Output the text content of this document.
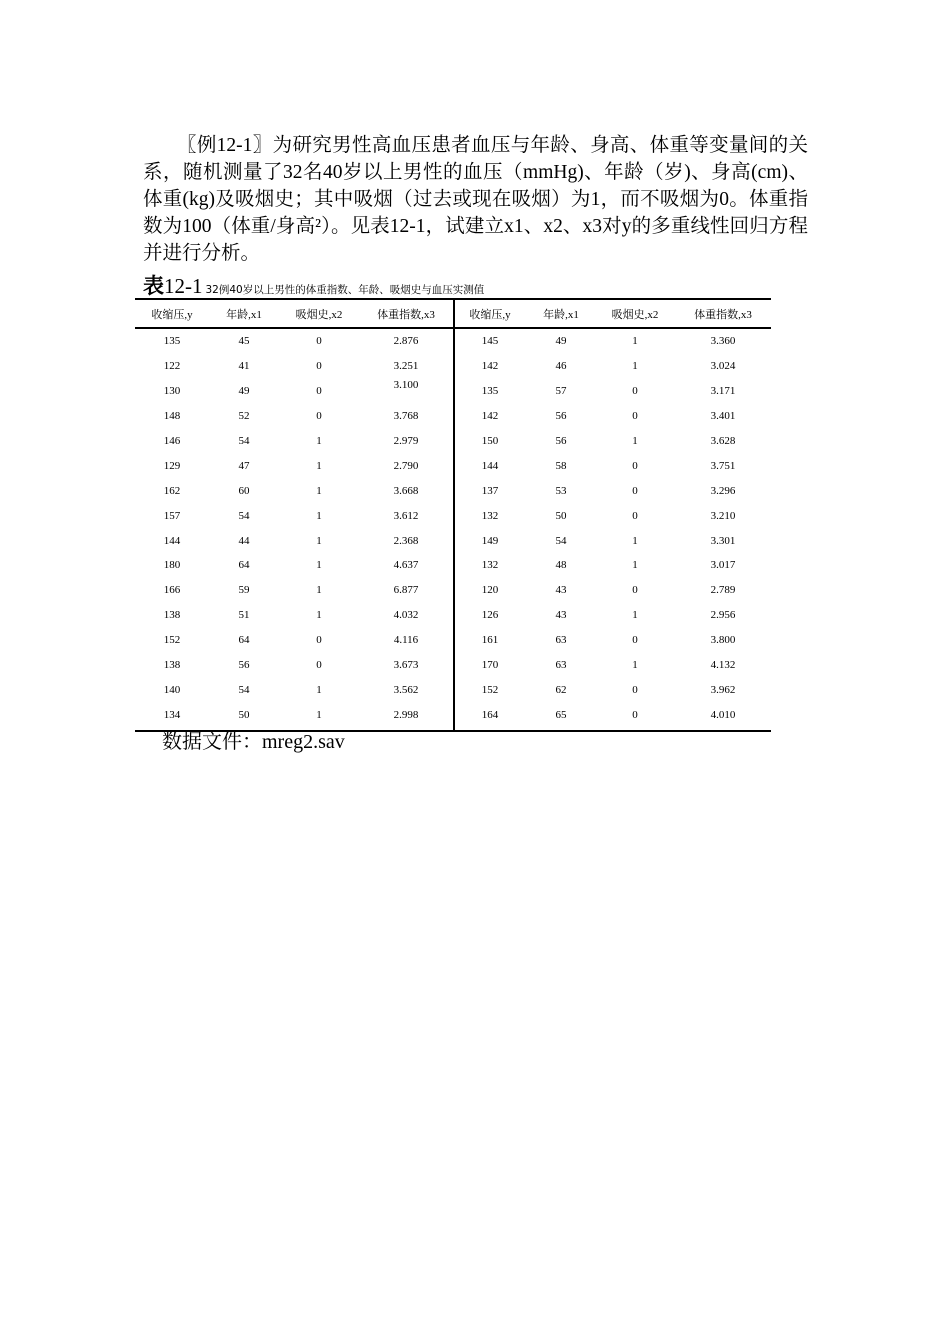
〖例12-1〗为研究男性高血压患者血压与年龄、身高、体重等变量间的关系，随机测量了32名40岁以上男性的血压（mmHg)、年龄（岁)、身高(cm)、体重(kg)及吸烟史；其中吸烟（过去或现在吸烟）为1，而不吸烟为0。体重指数为100（体重/身高²）。见表12-1，试建立x1、x2、x3对y的多重线性回归方程并进行分析。

表12-1 32例40岁以上男性的体重指数、年龄、吸烟史与血压实测值
收缩压,y	年龄,x1	吸烟史,x2	体重指数,x3	收缩压,y	年龄,x1	吸烟史,x2	体重指数,x3
135	45	0	2.876	145	49	1	3.360
122	41	0	3.251	142	46	1	3.024
130	49	0	3.100	135	57	0	3.171
148	52	0	3.768	142	56	0	3.401
146	54	1	2.979	150	56	1	3.628
129	47	1	2.790	144	58	0	3.751
162	60	1	3.668	137	53	0	3.296
157	54	1	3.612	132	50	0	3.210
144	44	1	2.368	149	54	1	3.301
180	64	1	4.637	132	48	1	3.017
166	59	1	6.877	120	43	0	2.789
138	51	1	4.032	126	43	1	2.956
152	64	0	4.116	161	63	0	3.800
138	56	0	3.673	170	63	1	4.132
140	54	1	3.562	152	62	0	3.962
134	50	1	2.998	164	65	0	4.010
数据文件：mreg2.sav
